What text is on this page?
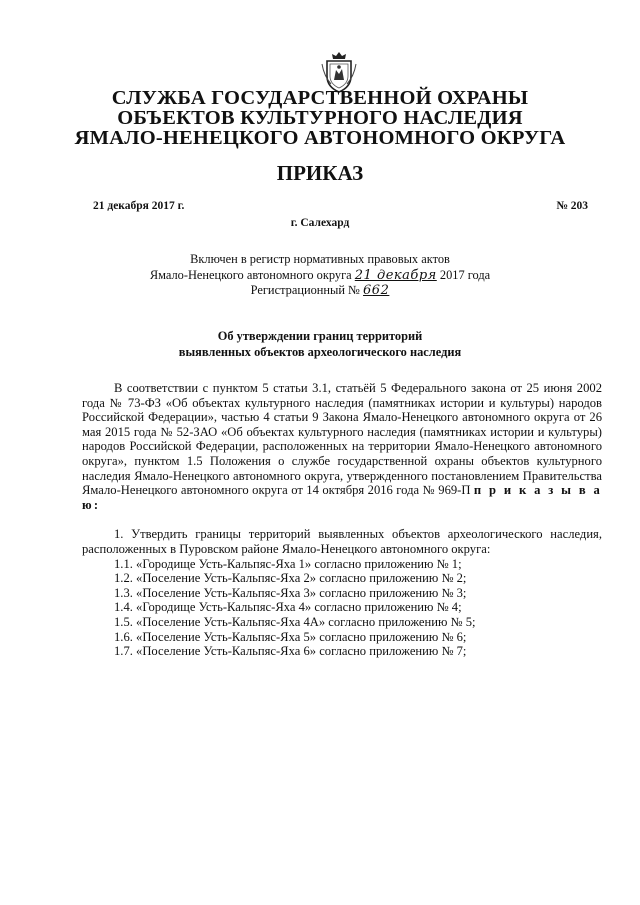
СЛУЖБА ГОСУДАРСТВЕННОЙ ОХРАНЫ
ОБЪЕКТОВ КУЛЬТУРНОГО НАСЛЕДИЯ
ЯМАЛО-НЕНЕЦКОГО АВТОНОМНОГО ОКРУГА
ПРИКАЗ
21 декабря 2017 г.	№ 203
г. Салехард
Включен в регистр нормативных правовых актов
Ямало-Ненецкого автономного округа 21 декабря 2017 года
Регистрационный № 662
Об утверждении границ территорий
выявленных объектов археологического наследия

В соответствии с пунктом 5 статьи 3.1, статьёй 5 Федерального закона от 25 июня 2002 года № 73-ФЗ «Об объектах культурного наследия (памятниках истории и культуры) народов Российской Федерации», частью 4 статьи 9 Закона Ямало-Ненецкого автономного округа от 26 мая 2015 года № 52-ЗАО «Об объектах культурного наследия (памятниках истории и культуры) народов Российской Федерации, расположенных на территории Ямало-Ненецкого автономного округа», пунктом 1.5 Положения о службе государственной охраны объектов культурного наследия Ямало-Ненецкого автономного округа, утвержденного постановлением Правительства Ямало-Ненецкого автономного округа от 14 октября 2016 года № 969-П п р и к а з ы в а ю:

1. Утвердить границы территорий выявленных объектов археологического наследия, расположенных в Пуровском районе Ямало-Ненецкого автономного округа:

1.1. «Городище Усть-Кальпяс-Яха 1» согласно приложению № 1;
1.2. «Поселение Усть-Кальпяс-Яха 2» согласно приложению № 2;
1.3. «Поселение Усть-Кальпяс-Яха 3» согласно приложению № 3;
1.4. «Городище Усть-Кальпяс-Яха 4» согласно приложению № 4;
1.5. «Поселение Усть-Кальпяс-Яха 4А» согласно приложению № 5;
1.6. «Поселение Усть-Кальпяс-Яха 5» согласно приложению № 6;
1.7. «Поселение Усть-Кальпяс-Яха 6» согласно приложению № 7;
